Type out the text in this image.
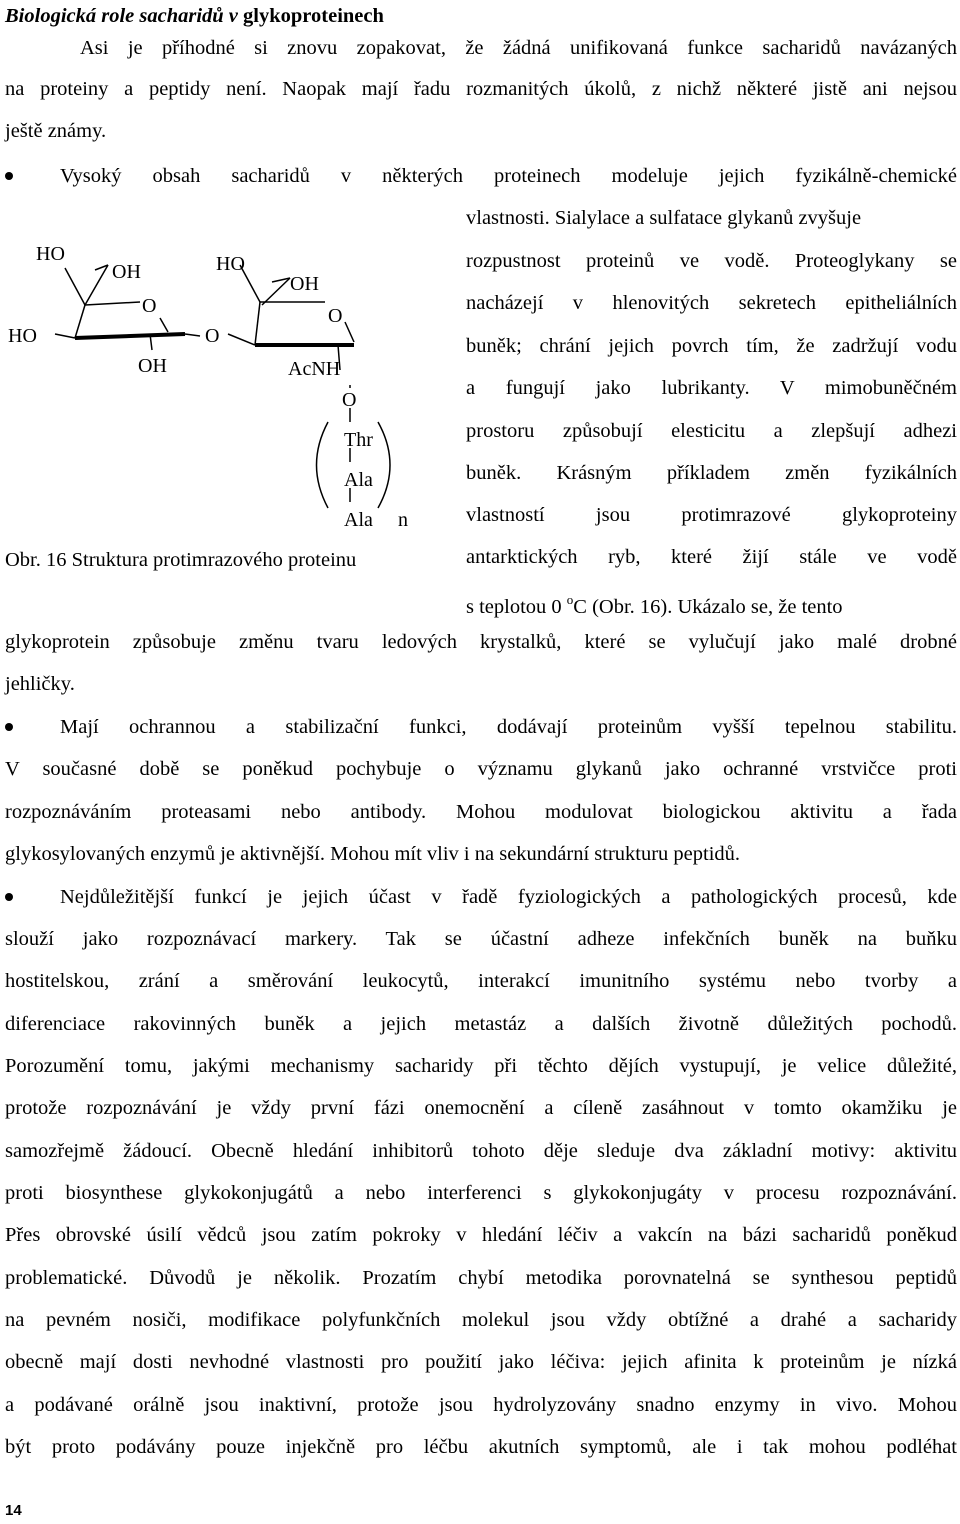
Biologická role sacharidů v glykoproteinech
Asi je příhodné si znovu zopakovat, že žádná unifikovaná funkce sacharidů navázaných
na proteiny a peptidy není. Naopak mají řadu rozmanitých úkolů, z nichž některé jistě ani nejsou
ještě známy.
Vysoký obsah sacharidů v některých proteinech modeluje jejich fyzikálně-chemické
vlastnosti. Sialylace a sulfatace glykanů zvyšuje
rozpustnost proteinů ve vodě. Proteoglykany se
nacházejí v hlenovitých sekretech epitheliálních
buněk; chrání jejich povrch tím, že zadržují vodu
a fungují jako lubrikanty. V mimobuněčném
prostoru způsobují elesticitu a zlepšují adhezi
buněk. Krásným příkladem změn fyzikálních
vlastností jsou protimrazové glykoproteiny
antarktických ryb, které žijí stále ve vodě
s teplotou 0 $^o$C (Obr. 16). Ukázalo se, že tento
glykoprotein způsobuje změnu tvaru ledových krystalků, které se vylučují jako malé drobné
jehličky.
HO
OH	HO
OH
O	O
HO	O
OH	AcNH
O
Thr
Ala
Ala n
Obr. 16 Struktura protimrazového proteinu
Mají ochrannou a stabilizační funkci, dodávají proteinům vyšší tepelnou stabilitu.
V současné době se poněkud pochybuje o významu glykanů jako ochranné vrstvičce proti
rozpoznáváním proteasami nebo antibody. Mohou modulovat biologickou aktivitu a řada
glykosylovaných enzymů je aktivnější. Mohou mít vliv i na sekundární strukturu peptidů.
Nejdůležitější funkcí je jejich účast v řadě fyziologických a pathologických procesů, kde
slouží jako rozpoznávací markery. Tak se účastní adheze infekčních buněk na buňku
hostitelskou, zrání a směrování leukocytů, interakcí imunitního systému nebo tvorby a
diferenciace rakovinných buněk a jejich metastáz a dalších životně důležitých pochodů.
Porozumění tomu, jakými mechanismy sacharidy při těchto dějích vystupují, je velice důležité,
protože rozpoznávání je vždy první fázi onemocnění a cíleně zasáhnout v tomto okamžiku je
samozřejmě žádoucí. Obecně hledání inhibitorů tohoto děje sleduje dva základní motivy: aktivitu
proti biosynthese glykokonjugátů a nebo interferenci s glykokonjugáty v procesu rozpoznávání.
Přes obrovské úsilí vědců jsou zatím pokroky v hledání léčiv a vakcín na bázi sacharidů poněkud
problematické. Důvodů je několik. Prozatím chybí metodika porovnatelná se synthesou peptidů
na pevném nosiči, modifikace polyfunkčních molekul jsou vždy obtížné a drahé a sacharidy
obecně mají dosti nevhodné vlastnosti pro použití jako léčiva: jejich afinita k proteinům je nízká
a podávané orálně jsou inaktivní, protože jsou hydrolyzovány snadno enzymy in vivo. Mohou
být proto podávány pouze injekčně pro léčbu akutních symptomů, ale i tak mohou podléhat
14
